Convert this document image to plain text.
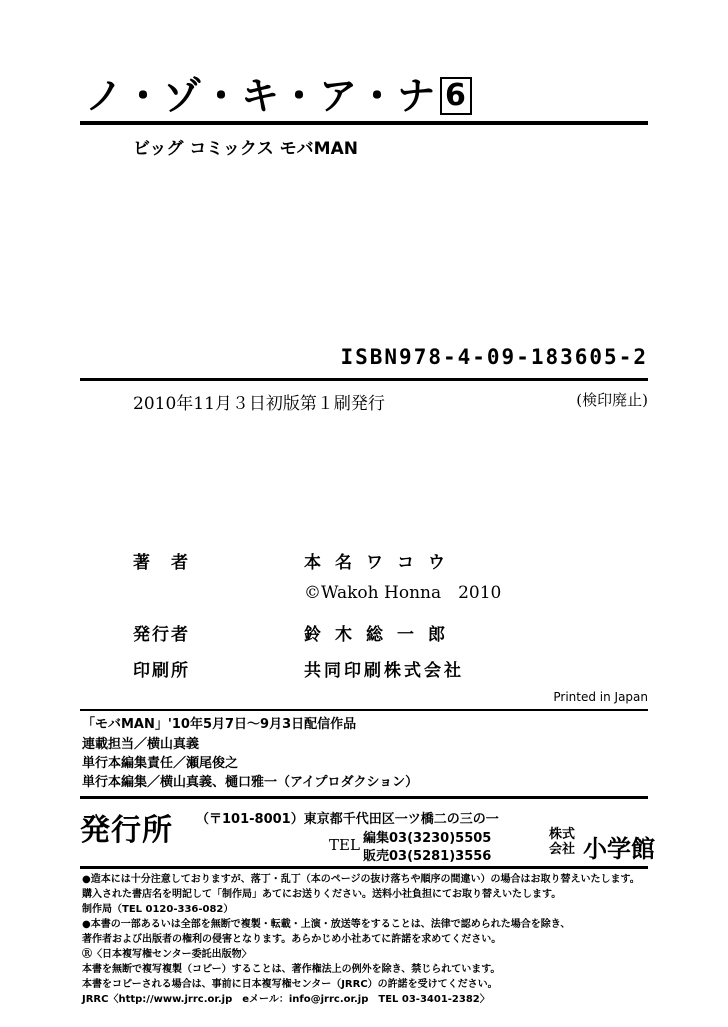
ノ・ゾ・キ・ア・ナ 6
ビッグ コミックス モバMAN
ISBN978-4-09-183605-2
2010年11月３日初版第１刷発行	(検印廃止)
著　者	本名ワコウ
©Wakoh Honna　2010
発行者	鈴木総一郎
印刷所	共同印刷株式会社
Printed in Japan
「モバMAN」'10年5月7日〜9月3日配信作品
連載担当／横山真義
単行本編集責任／瀬尾俊之
単行本編集／横山真義、樋口雅一（アイプロダクション）
発行所 （〒101-8001）東京都千代田区一ツ橋二の三の一
TEL 編集03(3230)5505
販売03(5281)3556
株式
会社 小学館
●造本には十分注意しておりますが、落丁・乱丁（本のページの抜け落ちや順序の間違い）の場合はお取り替えいたします。
購入された書店名を明記して「制作局」あてにお送りください。送料小社負担にてお取り替えいたします。
制作局（TEL 0120-336-082）
●本書の一部あるいは全部を無断で複製・転載・上演・放送等をすることは、法律で認められた場合を除き、
著作者および出版者の権利の侵害となります。あらかじめ小社あてに許諾を求めてください。
Ⓡ〈日本複写権センター委託出版物〉
本書を無断で複写複製（コピー）することは、著作権法上の例外を除き、禁じられています。
本書をコピーされる場合は、事前に日本複写権センター（JRRC）の許諾を受けてください。
JRRC〈http://www.jrrc.or.jp　eメール：info@jrrc.or.jp　TEL 03-3401-2382〉
